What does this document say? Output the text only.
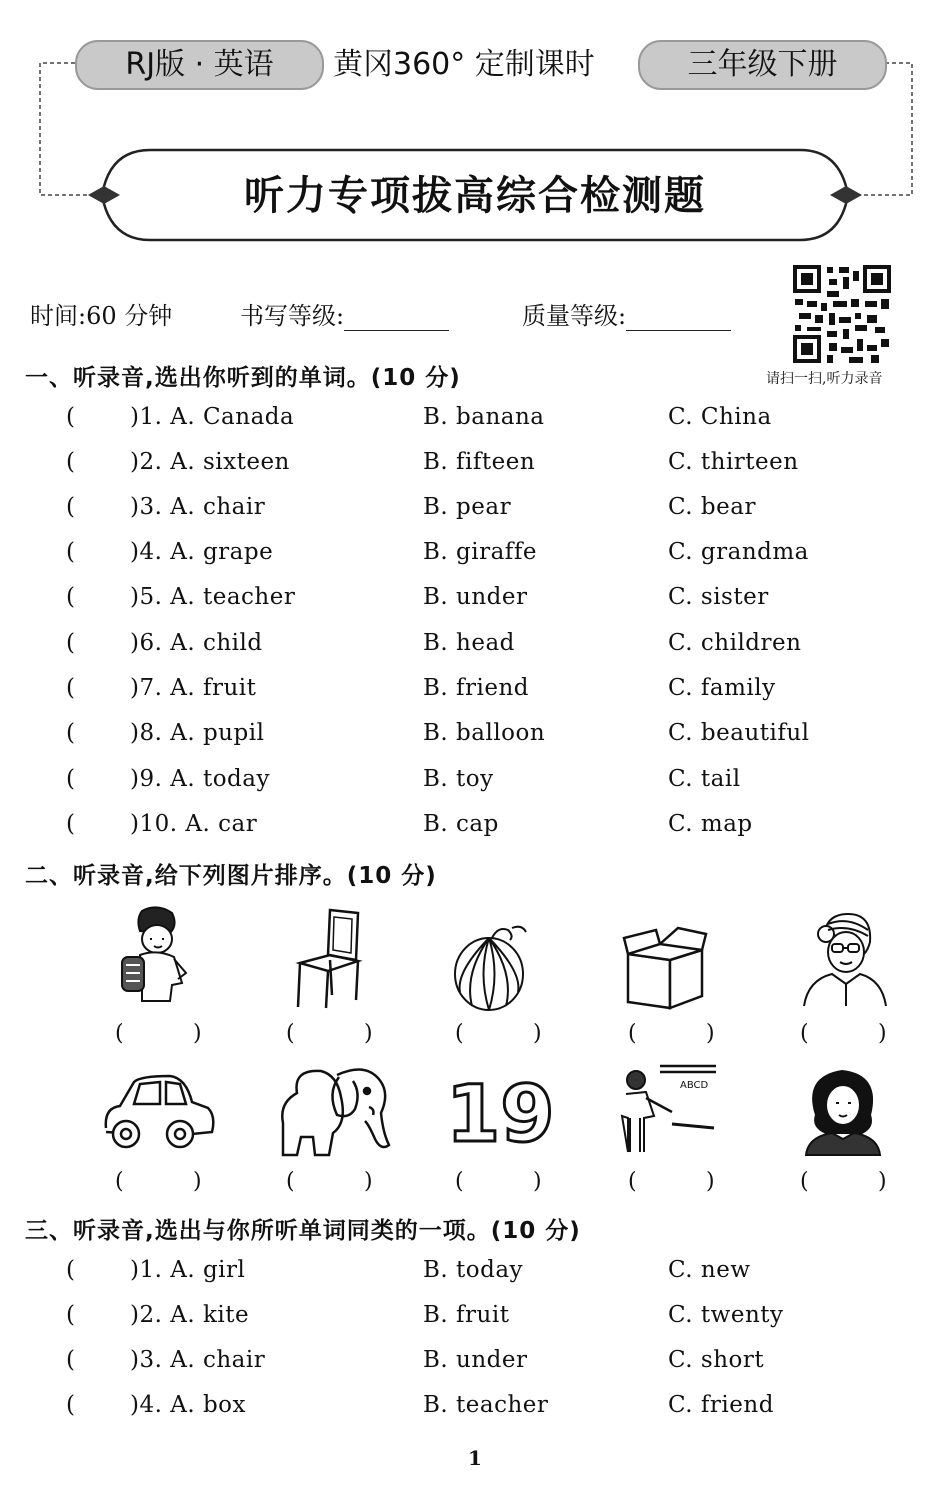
RJ版 · 英语	黄冈360° 定制课时	三年级下册
听力专项拔高综合检测题
时间:60 分钟	书写等级:	质量等级:
请扫一扫,听力录音
一、听录音,选出你听到的单词。(10 分)
( )1. A. Canada	B. banana	C. China
( )2. A. sixteen	B. fifteen	C. thirteen
( )3. A. chair	B. pear	C. bear
( )4. A. grape	B. giraffe	C. grandma
( )5. A. teacher	B. under	C. sister
( )6. A. child	B. head	C. children
( )7. A. fruit	B. friend	C. family
( )8. A. pupil	B. balloon	C. beautiful
( )9. A. today	B. toy	C. tail
( )10. A. car	B. cap	C. map
二、听录音,给下列图片排序。(10 分)
(	)	(	)	(	)	(	)	(	)
19	ABCD
(	)	(	)	(	)	(	)	(	)
三、听录音,选出与你所听单词同类的一项。(10 分)
( )1. A. girl	B. today	C. new
( )2. A. kite	B. fruit	C. twenty
( )3. A. chair	B. under	C. short
( )4. A. box	B. teacher	C. friend
1
